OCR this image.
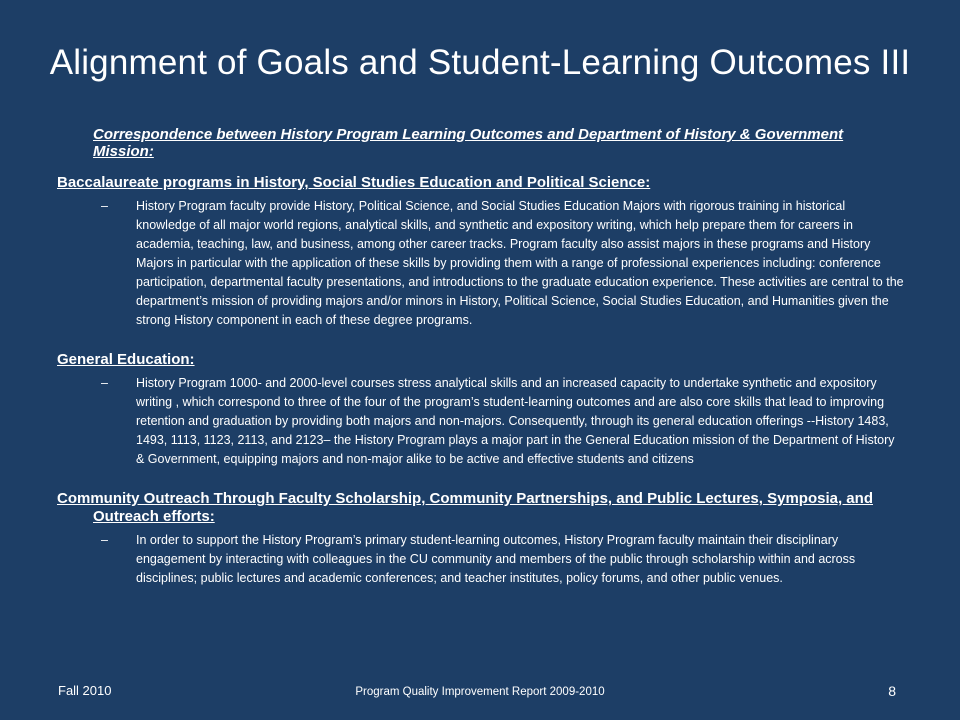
Alignment of Goals and Student-Learning Outcomes III
Correspondence between History Program Learning Outcomes and Department of History & Government Mission:
Baccalaureate programs in History, Social Studies Education and Political Science:
– History Program faculty provide History, Political Science, and Social Studies Education Majors with rigorous training in historical knowledge of all major world regions, analytical skills, and synthetic and expository writing, which help prepare them for careers in academia, teaching, law, and business, among other career tracks. Program faculty also assist majors in these programs and History Majors in particular with the application of these skills by providing them with a range of professional experiences including: conference participation, departmental faculty presentations, and introductions to the graduate education experience. These activities are central to the department’s mission of providing majors and/or minors in History, Political Science, Social Studies Education, and Humanities given the strong History component in each of these degree programs.
General Education:
– History Program 1000- and 2000-level courses stress analytical skills and an increased capacity to undertake synthetic and expository writing , which correspond to three of the four of the program’s student-learning outcomes and are also core skills that lead to improving retention and graduation by providing both majors and non-majors. Consequently, through its general education offerings --History 1483, 1493, 1113, 1123, 2113, and 2123– the History Program plays a major part in the General Education mission of the Department of History & Government, equipping majors and non-major alike to be active and effective students and citizens
Community Outreach Through Faculty Scholarship, Community Partnerships, and Public Lectures, Symposia, and Outreach efforts:
– In order to support the History Program’s primary student-learning outcomes, History Program faculty maintain their disciplinary engagement by interacting with colleagues in the CU community and members of the public through scholarship within and across disciplines; public lectures and academic conferences; and teacher institutes, policy forums, and other public venues.
Fall 2010	Program Quality Improvement Report 2009-2010	8
